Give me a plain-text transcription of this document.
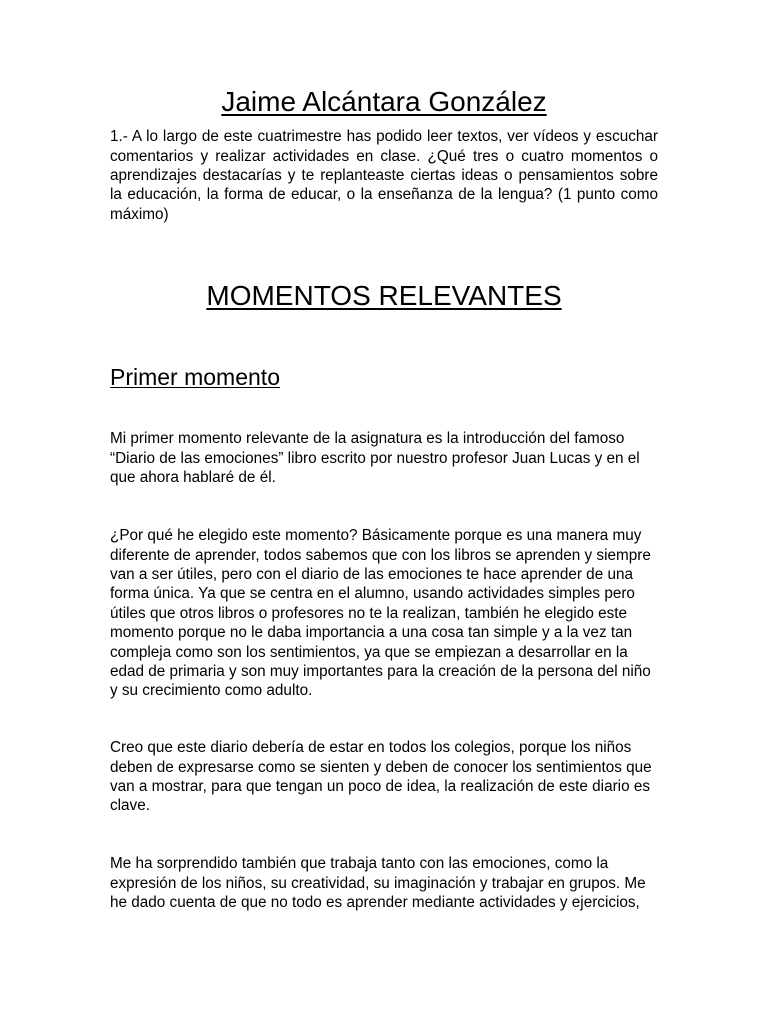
Jaime Alcántara González
1.- A lo largo de este cuatrimestre has podido leer textos, ver vídeos y escuchar
comentarios y realizar actividades en clase. ¿Qué tres o cuatro momentos o
aprendizajes destacarías y te replanteaste ciertas ideas o pensamientos sobre
la educación, la forma de educar, o la enseñanza de la lengua? (1 punto como
máximo)
MOMENTOS RELEVANTES
Primer momento
Mi primer momento relevante de la asignatura es la introducción del famoso
“Diario de las emociones” libro escrito por nuestro profesor Juan Lucas y en el
que ahora hablaré de él.
¿Por qué he elegido este momento? Básicamente porque es una manera muy
diferente de aprender, todos sabemos que con los libros se aprenden y siempre
van a ser útiles, pero con el diario de las emociones te hace aprender de una
forma única. Ya que se centra en el alumno, usando actividades simples pero
útiles que otros libros o profesores no te la realizan, también he elegido este
momento porque no le daba importancia a una cosa tan simple y a la vez tan
compleja como son los sentimientos, ya que se empiezan a desarrollar en la
edad de primaria y son muy importantes para la creación de la persona del niño
y su crecimiento como adulto.
Creo que este diario debería de estar en todos los colegios, porque los niños
deben de expresarse como se sienten y deben de conocer los sentimientos que
van a mostrar, para que tengan un poco de idea, la realización de este diario es
clave.
Me ha sorprendido también que trabaja tanto con las emociones, como la
expresión de los niños, su creatividad, su imaginación y trabajar en grupos. Me
he dado cuenta de que no todo es aprender mediante actividades y ejercicios,
